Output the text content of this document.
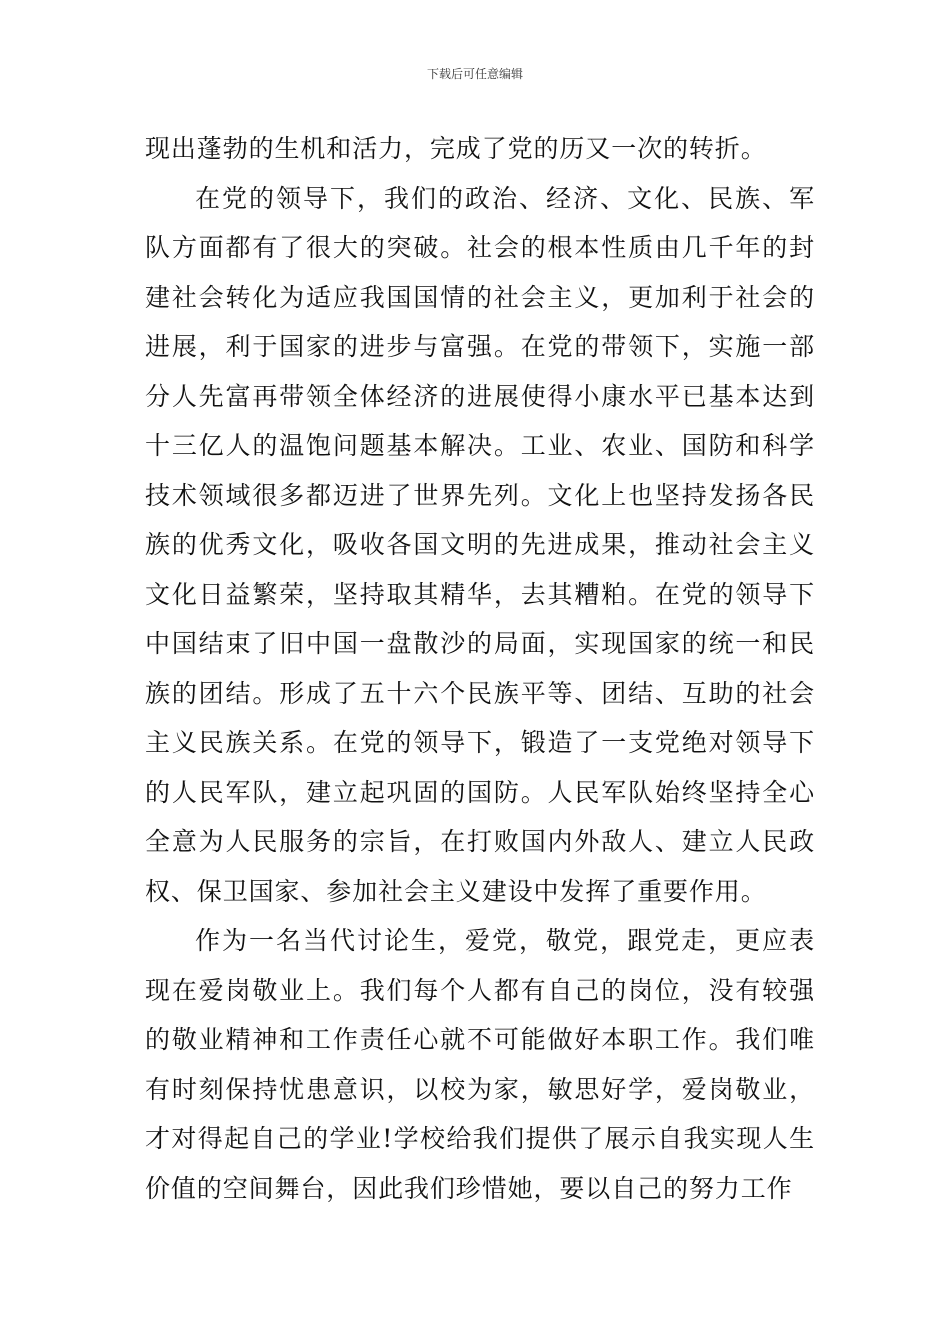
下载后可任意编辑

现出蓬勃的生机和活力，完成了党的历又一次的转折。

在党的领导下，我们的政治、经济、文化、民族、军队方面都有了很大的突破。社会的根本性质由几千年的封建社会转化为适应我国国情的社会主义，更加利于社会的进展，利于国家的进步与富强。在党的带领下，实施一部分人先富再带领全体经济的进展使得小康水平已基本达到十三亿人的温饱问题基本解决。工业、农业、国防和科学技术领域很多都迈进了世界先列。文化上也坚持发扬各民族的优秀文化，吸收各国文明的先进成果，推动社会主义文化日益繁荣，坚持取其精华，去其糟粕。在党的领导下中国结束了旧中国一盘散沙的局面，实现国家的统一和民族的团结。形成了五十六个民族平等、团结、互助的社会主义民族关系。在党的领导下，锻造了一支党绝对领导下的人民军队，建立起巩固的国防。人民军队始终坚持全心全意为人民服务的宗旨，在打败国内外敌人、建立人民政权、保卫国家、参加社会主义建设中发挥了重要作用。

作为一名当代讨论生，爱党，敬党，跟党走，更应表现在爱岗敬业上。我们每个人都有自己的岗位，没有较强的敬业精神和工作责任心就不可能做好本职工作。我们唯有时刻保持忧患意识，以校为家，敏思好学，爱岗敬业，才对得起自己的学业!学校给我们提供了展示自我实现人生价值的空间舞台，因此我们珍惜她，要以自己的努力工作
